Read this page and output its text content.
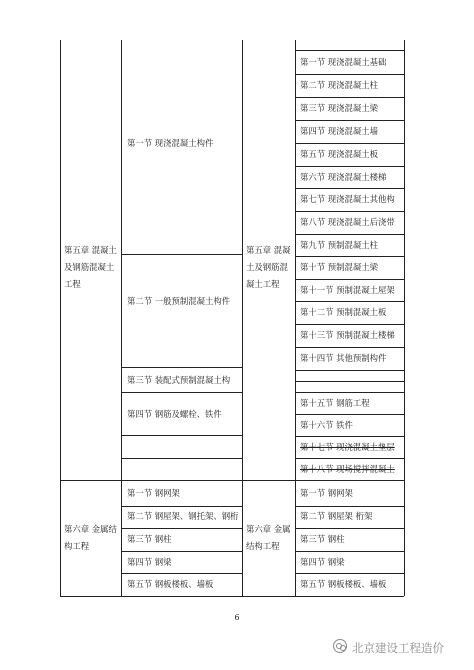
第五章 混凝土及钢筋混凝土工程
第六章 金属结构工程
第一节 现浇混凝土构件
第二节 一般预制混凝土构件
第三节 装配式预制混凝土构
第四节 钢筋及螺栓、铁件
第一节 钢网架
第二节 钢屋架、钢托架、钢桁
第三节 钢柱
第四节 钢梁
第五节 钢板楼板、墙板
第五章 混凝土及钢筋混凝土工程
第六章 金属结构工程
第一节 现浇混凝土基础
第二节 现浇混凝土柱
第三节 现浇混凝土梁
第四节 现浇混凝土墙
第五节 现浇混凝土板
第六节 现浇混凝土楼梯
第七节 现浇混凝土其他构
第八节 现浇混凝土后浇带
第九节 预制混凝土柱
第十节 预制混凝土梁
第十一节 预制混凝土屋架
第十二节 预制混凝土板
第十三节 预制混凝土楼梯
第十四节 其他预制构件
第十五节 钢筋工程
第十六节 铁件
第十七节 现浇混凝土垫层
第十八节 现场搅拌混凝土
第一节 钢网架
第二节 钢屋架 桁架
第三节 钢柱
第四节 钢梁
第五节 钢板楼板、墙板
6
北京建设工程造价
